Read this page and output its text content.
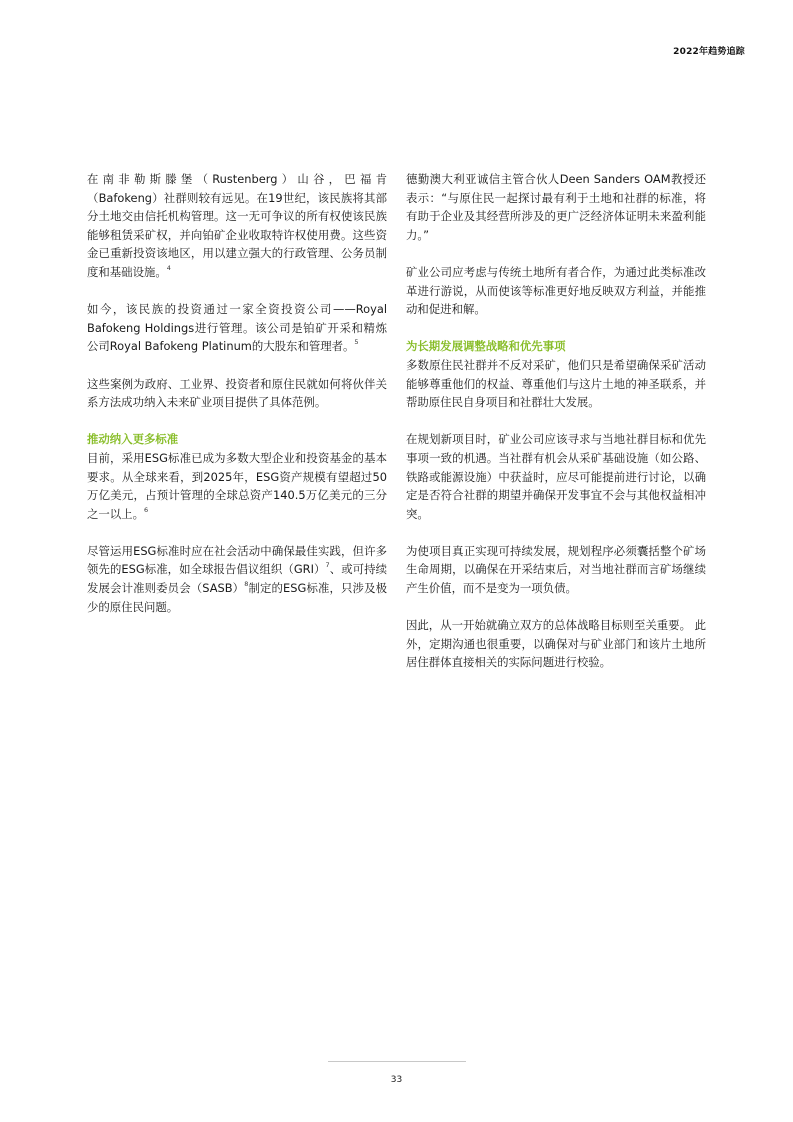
2022年趋势追踪

在南非勒斯滕堡（Rustenberg）山谷，巴福肯（Bafokeng）社群则较有远见。在19世纪，该民族将其部分土地交由信托机构管理。这一无可争议的所有权使该民族能够租赁采矿权，并向铂矿企业收取特许权使用费。这些资金已重新投资该地区，用以建立强大的行政管理、公务员制度和基础设施。$^4$

如今，该民族的投资通过一家全资投资公司——Royal Bafokeng Holdings进行管理。该公司是铂矿开采和精炼公司Royal Bafokeng Platinum的大股东和管理者。$^5$

这些案例为政府、工业界、投资者和原住民就如何将伙伴关系方法成功纳入未来矿业项目提供了具体范例。

推动纳入更多标准

目前，采用ESG标准已成为多数大型企业和投资基金的基本要求。从全球来看，到2025年，ESG资产规模有望超过50万亿美元，占预计管理的全球总资产140.5万亿美元的三分之一以上。$^6$

尽管运用ESG标准时应在社会活动中确保最佳实践，但许多领先的ESG标准，如全球报告倡议组织（GRI）$^7$、或可持续发展会计准则委员会（SASB）$^8$制定的ESG标准，只涉及极少的原住民问题。

德勤澳大利亚诚信主管合伙人Deen Sanders OAM教授还表示：“与原住民一起探讨最有利于土地和社群的标准，将有助于企业及其经营所涉及的更广泛经济体证明未来盈利能力。”

矿业公司应考虑与传统土地所有者合作，为通过此类标准改革进行游说，从而使该等标准更好地反映双方利益，并能推动和促进和解。

为长期发展调整战略和优先事项

多数原住民社群并不反对采矿，他们只是希望确保采矿活动能够尊重他们的权益、尊重他们与这片土地的神圣联系，并帮助原住民自身项目和社群壮大发展。

在规划新项目时，矿业公司应该寻求与当地社群目标和优先事项一致的机遇。当社群有机会从采矿基础设施（如公路、铁路或能源设施）中获益时，应尽可能提前进行讨论，以确定是否符合社群的期望并确保开发事宜不会与其他权益相冲突。

为使项目真正实现可持续发展，规划程序必须囊括整个矿场生命周期，以确保在开采结束后，对当地社群而言矿场继续产生价值，而不是变为一项负债。

因此，从一开始就确立双方的总体战略目标则至关重要。 此外，定期沟通也很重要，以确保对与矿业部门和该片土地所居住群体直接相关的实际问题进行校验。

33
